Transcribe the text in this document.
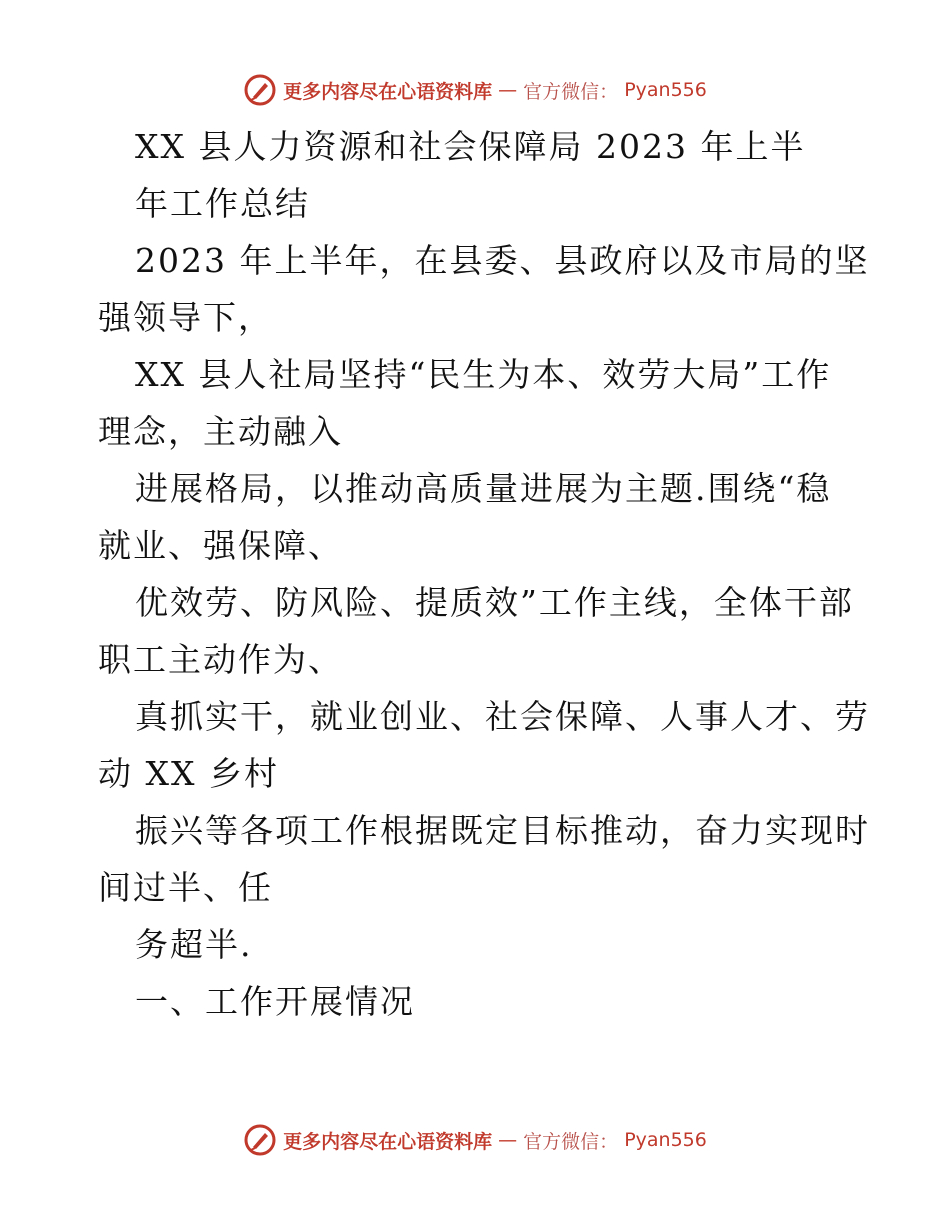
更多内容尽在心语资料库 — 官方微信： Pyan556
XX 县人力资源和社会保障局 2023 年上半
年工作总结
2023 年上半年，在县委、县政府以及市局的坚
强领导下，
XX 县人社局坚持“民生为本、效劳大局”工作
理念，主动融入
进展格局，以推动高质量进展为主题.围绕“稳
就业、强保障、
优效劳、防风险、提质效”工作主线，全体干部
职工主动作为、
真抓实干，就业创业、社会保障、人事人才、劳
动 XX 乡村
振兴等各项工作根据既定目标推动，奋力实现时
间过半、任
务超半.
一、工作开展情况
更多内容尽在心语资料库 — 官方微信： Pyan556
